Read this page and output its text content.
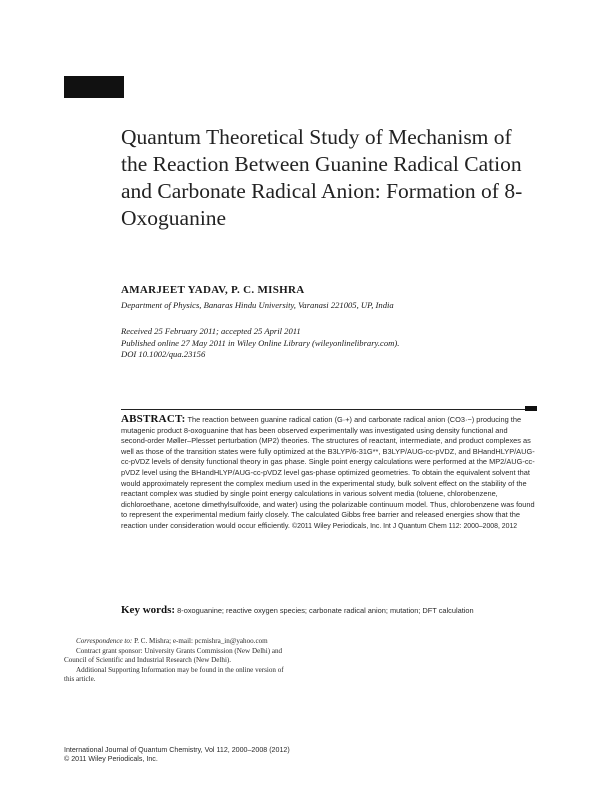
Quantum Theoretical Study of Mechanism of the Reaction Between Guanine Radical Cation and Carbonate Radical Anion: Formation of 8-Oxoguanine

AMARJEET YADAV, P. C. MISHRA

Department of Physics, Banaras Hindu University, Varanasi 221005, UP, India

Received 25 February 2011; accepted 25 April 2011

Published online 27 May 2011 in Wiley Online Library (wileyonlinelibrary.com).

DOI 10.1002/qua.23156

ABSTRACT: The reaction between guanine radical cation (G·+) and carbonate radical anion (CO3·−) producing the mutagenic product 8-oxoguanine that has been observed experimentally was investigated using density functional and second-order Møller–Plesset perturbation (MP2) theories. The structures of reactant, intermediate, and product complexes as well as those of the transition states were fully optimized at the B3LYP/6-31G**, B3LYP/AUG-cc-pVDZ, and BHandHLYP/AUG-cc-pVDZ levels of density functional theory in gas phase. Single point energy calculations were performed at the MP2/AUG-cc-pVDZ level using the BHandHLYP/AUG-cc-pVDZ level gas-phase optimized geometries. To obtain the equivalent solvent that would approximately represent the complex medium used in the experimental study, bulk solvent effect on the stability of the reactant complex was studied by single point energy calculations in various solvent media (toluene, chlorobenzene, dichloroethane, acetone dimethylsulfoxide, and water) using the polarizable continuum model. Thus, chlorobenzene was found to represent the experimental medium fairly closely. The calculated Gibbs free barrier and released energies show that the reaction under consideration would occur efficiently. ©2011 Wiley Periodicals, Inc. Int J Quantum Chem 112: 2000–2008, 2012

Key words: 8-oxoguanine; reactive oxygen species; carbonate radical anion; mutation; DFT calculation

Correspondence to: P. C. Mishra; e-mail: pcmishra_in@yahoo.com

Contract grant sponsor: University Grants Commission (New Delhi) and Council of Scientific and Industrial Research (New Delhi).

Additional Supporting Information may be found in the online version of this article.

International Journal of Quantum Chemistry, Vol 112, 2000–2008 (2012)

© 2011 Wiley Periodicals, Inc.
